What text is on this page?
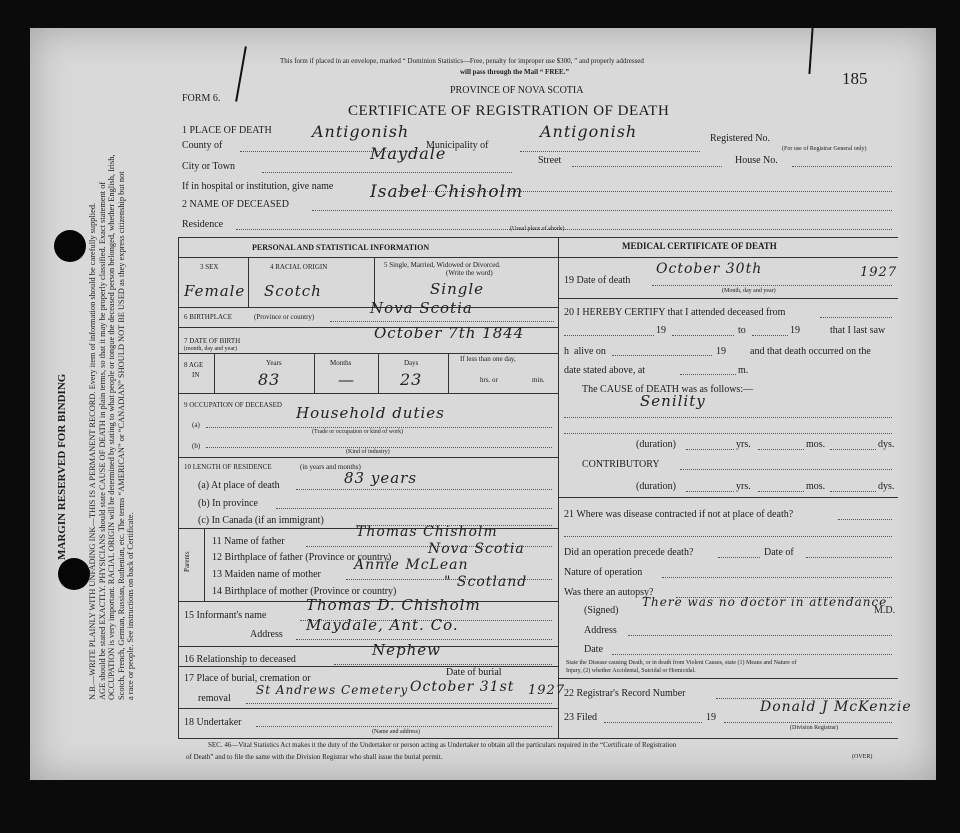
MARGIN RESERVED FOR BINDING N.B.—WRITE PLAINLY WITH UNFADING INK—THIS IS A PERMANENT RECORD. Every item of information should be carefully supplied. AGE should be stated EXACTLY. PHYSICIANS should state CAUSE OF DEATH in plain terms, so that it may be properly classified. Exact statement of OCCUPATION is very important. RACIAL ORIGIN will be determined by stating to what people or tongue the deceased person belonged, whether English, Irish, Scotch, French, German, Russian, Ruthenian, etc. The terms “AMERICAN” or “CANADIAN” SHOULD NOT BE USED as they express citizenship but not a race or people. See instructions on back of Certificate.
This form if placed in an envelope, marked “ Dominion Statistics—Free, penalty for improper use $300, ” and properly addressed
will pass through the Mail “ FREE.”
PROVINCE OF NOVA SCOTIA
FORM 6.
CERTIFICATE OF REGISTRATION OF DEATH
185
1 PLACE OF DEATH
County of
Antigonish
Municipality of
Antigonish	Registered No.
(For use of Registrar General only)
City or Town
Maydale	Street	House No.
If in hospital or institution, give name
2 NAME OF DECEASED
Isabel Chisholm
Residence	(Usual place of abode)
PERSONAL AND STATISTICAL INFORMATION
3 SEX	4 RACIAL ORIGIN	5 Single, Married, Widowed or Divorced.
(Write the word)
Female Scotch	Single
6 BIRTHPLACE	(Province or country)	Nova Scotia
7 DATE OF BIRTH
(month, day and year)
October 7th 1844
8 AGE
IN
Years	Months	Days	If less than one day,
hrs. or	min.
83	—	23
9 OCCUPATION OF DECEASED
(a)
Household duties
(Trade or occupation or kind of work)
(b)
(Kind of industry)
10 LENGTH OF RESIDENCE	(in years and months)
(a) At place of death	83 years
(b) In province
(c) In Canada (if an immigrant)
Parents
11 Name of father
Thomas Chisholm
12 Birthplace of father (Province or country)
Nova Scotia
13 Maiden name of mother
Annie McLean
14 Birthplace of mother (Province or country)
" Scotland
15 Informant's name
Thomas D. Chisholm
Address
Maydale, Ant. Co.
16 Relationship to deceased
Nephew
17 Place of burial, cremation or
Date of burial
removal
St Andrews Cemetery October 31st 1927
18 Undertaker
(Name and address)
MEDICAL CERTIFICATE OF DEATH
19 Date of death
October 30th	1927
(Month, day and year)
20 I HEREBY CERTIFY that I attended deceased from
19	to	19	that I last saw
h alive on	19 and that death occurred on the
date stated above, at	m.
The CAUSE of DEATH was as follows:—
Senility
(duration)	yrs.	mos.	dys.
CONTRIBUTORY
(duration)	yrs.	mos.	dys.
21 Where was disease contracted if not at place of death?
Did an operation precede death?	Date of
Nature of operation
Was there an autopsy?
(Signed)
There was no doctor in attendance
M.D.
Address
Date
State the Disease causing Death, or in death from Violent Causes, state (1) Means and Nature of
Injury, (2) whether Accidental, Suicidal or Homicidal.
22 Registrar's Record Number
23 Filed	19
Donald J McKenzie
(Division Registrar)
SEC. 46—Vital Statistics Act makes it the duty of the Undertaker or person acting as Undertaker to obtain all the particulars required in the “Certificate of Registration
of Death” and to file the same with the Division Registrar who shall issue the burial permit.	(OVER)
